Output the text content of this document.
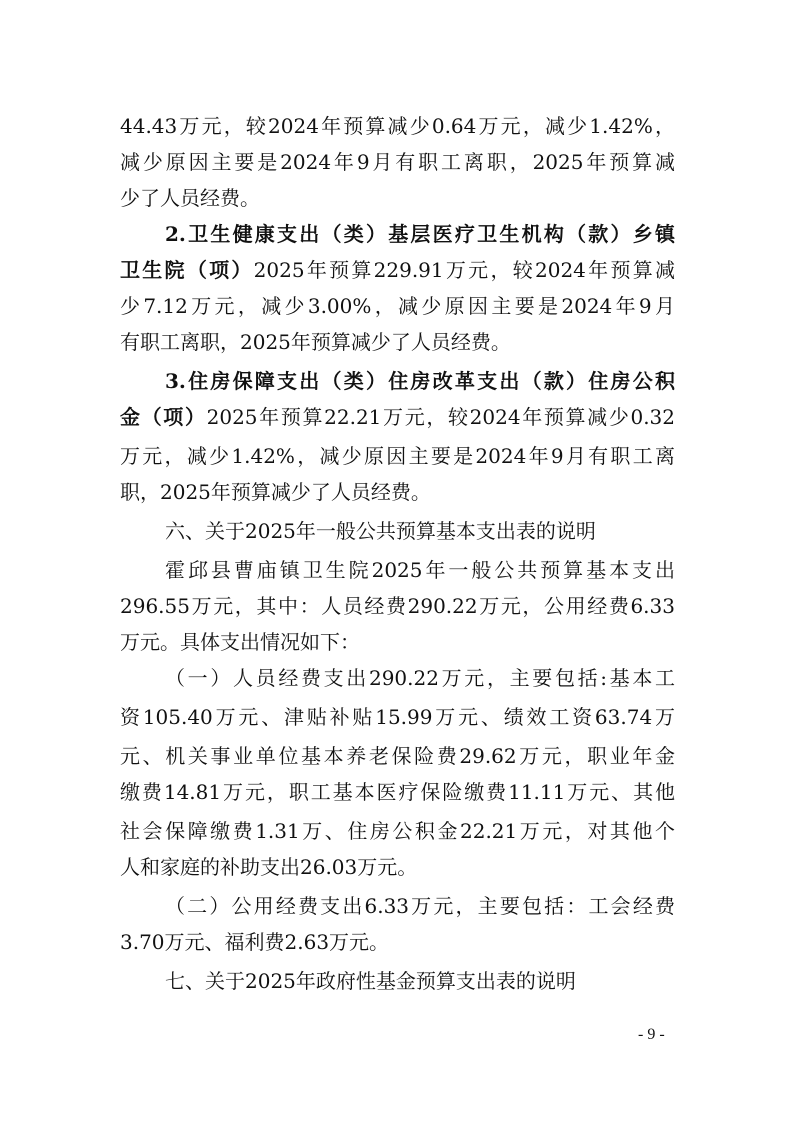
44.43万元，较2024年预算减少0.64万元，减少1.42%，
减少原因主要是2024年9月有职工离职，2025年预算减
少了人员经费。
2.卫生健康支出（类）基层医疗卫生机构（款）乡镇
卫生院（项）2025年预算229.91万元，较2024年预算减
少7.12万元，减少3.00%，减少原因主要是2024年9月
有职工离职，2025年预算减少了人员经费。
3.住房保障支出（类）住房改革支出（款）住房公积
金（项）2025年预算22.21万元，较2024年预算减少0.32
万元，减少1.42%，减少原因主要是2024年9月有职工离
职，2025年预算减少了人员经费。
六、关于2025年一般公共预算基本支出表的说明
霍邱县曹庙镇卫生院2025年一般公共预算基本支出
296.55万元，其中：人员经费290.22万元，公用经费6.33
万元。具体支出情况如下：
（一）人员经费支出290.22万元，主要包括:基本工
资105.40万元、津贴补贴15.99万元、绩效工资63.74万
元、机关事业单位基本养老保险费29.62万元，职业年金
缴费14.81万元，职工基本医疗保险缴费11.11万元、其他
社会保障缴费1.31万、住房公积金22.21万元，对其他个
人和家庭的补助支出26.03万元。
（二）公用经费支出6.33万元，主要包括：工会经费
3.70万元、福利费2.63万元。
七、关于2025年政府性基金预算支出表的说明
- 9 -
